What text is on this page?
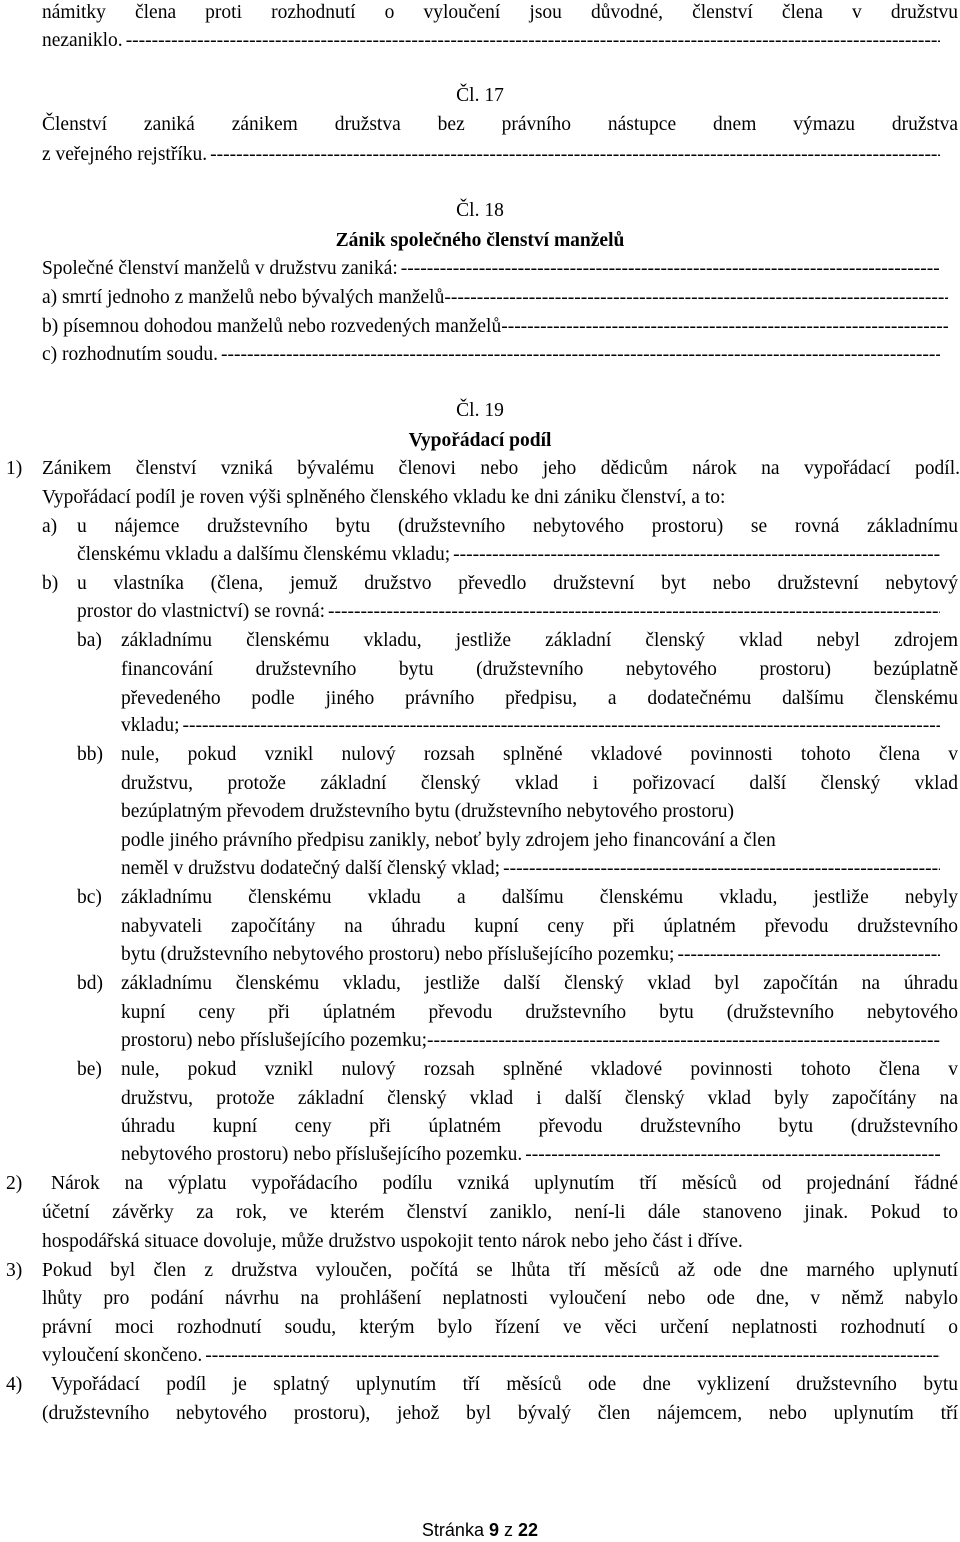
námitky člena proti rozhodnutí o vyloučení jsou důvodné, členství člena v družstvu
nezaniklo.
-----
Čl. 17
Členství zaniká zánikem družstva bez právního nástupce dnem výmazu družstva
z veřejného rejstříku.
-----
Čl. 18
Zánik společného členství manželů
Společné členství manželů v družstvu zaniká:
-----
a) smrtí jednoho z manželů nebo bývalých manželů
-----
b) písemnou dohodou manželů nebo rozvedených manželů
-----
c) rozhodnutím soudu.
-----
Čl. 19
Vypořádací podíl
1) Zánikem členství vzniká bývalému členovi nebo jeho dědicům nárok na vypořádací podíl.
Vypořádací podíl je roven výši splněného členského vkladu ke dni zániku členství, a to:
a) u nájemce družstevního bytu (družstevního nebytového prostoru) se rovná základnímu
členskému vkladu a dalšímu členskému vkladu;
-----
b) u vlastníka (člena, jemuž družstvo převedlo družstevní byt nebo družstevní nebytový
prostor do vlastnictví) se rovná:
-----
ba) základnímu členskému vkladu, jestliže základní členský vklad nebyl zdrojem
financování družstevního bytu (družstevního nebytového prostoru) bezúplatně
převedeného podle jiného právního předpisu, a dodatečnému dalšímu členskému
vkladu;
-----
bb) nule, pokud vznikl nulový rozsah splněné vkladové povinnosti tohoto člena v
družstvu, protože základní členský vklad i pořizovací další členský vklad
bezúplatným převodem družstevního bytu (družstevního nebytového prostoru)
podle jiného právního předpisu zanikly, neboť byly zdrojem jeho financování a člen
neměl v družstvu dodatečný další členský vklad;
-----
bc) základnímu členskému vkladu a dalšímu členskému vkladu, jestliže nebyly
nabyvateli započítány na úhradu kupní ceny při úplatném převodu družstevního
bytu (družstevního nebytového prostoru) nebo příslušejícího pozemku;
-----
bd) základnímu členskému vkladu, jestliže další členský vklad byl započítán na úhradu
kupní ceny při úplatném převodu družstevního bytu (družstevního nebytového
prostoru) nebo příslušejícího pozemku;
-----
be) nule, pokud vznikl nulový rozsah splněné vkladové povinnosti tohoto člena v
družstvu, protože základní členský vklad i další členský vklad byly započítány na
úhradu kupní ceny při úplatném převodu družstevního bytu (družstevního
nebytového prostoru) nebo příslušejícího pozemku.
-----
2) Nárok na výplatu vypořádacího podílu vzniká uplynutím tří měsíců od projednání řádné
účetní závěrky za rok, ve kterém členství zaniklo, není-li dále stanoveno jinak. Pokud to
hospodářská situace dovoluje, může družstvo uspokojit tento nárok nebo jeho část i dříve.
3) Pokud byl člen z družstva vyloučen, počítá se lhůta tří měsíců až ode dne marného uplynutí
lhůty pro podání návrhu na prohlášení neplatnosti vyloučení nebo ode dne, v němž nabylo
právní moci rozhodnutí soudu, kterým bylo řízení ve věci určení neplatnosti rozhodnutí o
vyloučení skončeno.
-----
4) Vypořádací podíl je splatný uplynutím tří měsíců ode dne vyklizení družstevního bytu
(družstevního nebytového prostoru), jehož byl bývalý člen nájemcem, nebo uplynutím tří
Stránka 9 z 22
